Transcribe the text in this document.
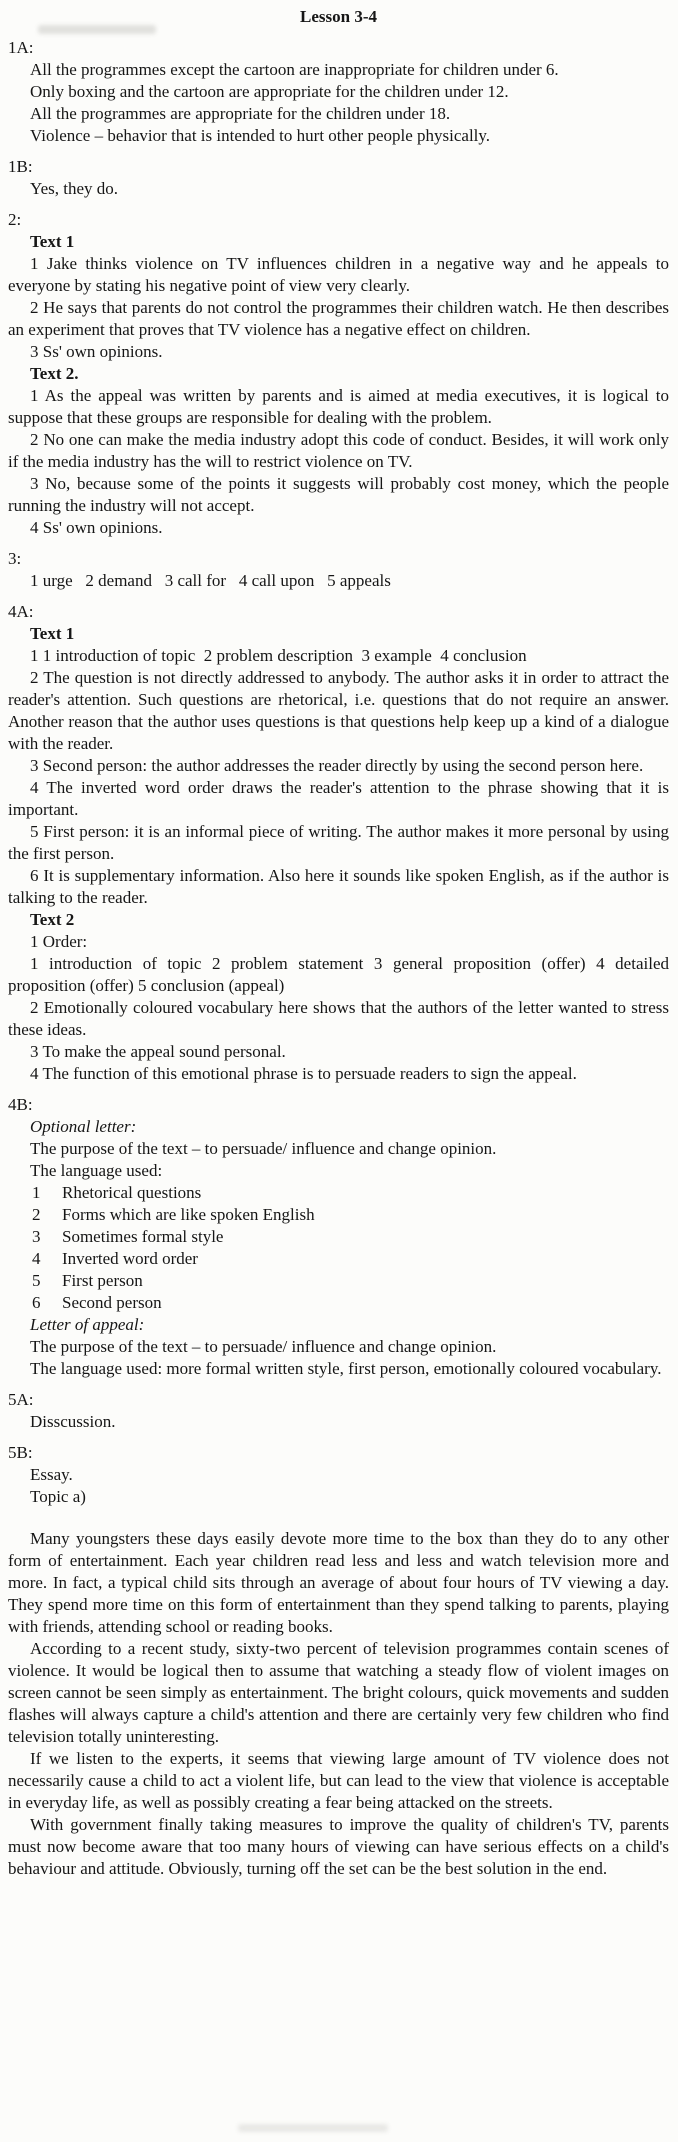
Lesson 3-4
1A:
All the programmes except the cartoon are inappropriate for children under 6.
Only boxing and the cartoon are appropriate for the children under 12.
All the programmes are appropriate for the children under 18.
Violence – behavior that is intended to hurt other people physically.
1B:
Yes, they do.
2:
Text 1
1 Jake thinks violence on TV influences children in a negative way and he appeals to everyone by stating his negative point of view very clearly.
2 He says that parents do not control the programmes their children watch. He then describes an experiment that proves that TV violence has a negative effect on children.
3 Ss' own opinions.
Text 2.
1 As the appeal was written by parents and is aimed at media executives, it is logical to suppose that these groups are responsible for dealing with the problem.
2 No one can make the media industry adopt this code of conduct. Besides, it will work only if the media industry has the will to restrict violence on TV.
3 No, because some of the points it suggests will probably cost money, which the people running the industry will not accept.
4 Ss' own opinions.
3:
1 urge   2 demand   3 call for   4 call upon   5 appeals
4A:
Text 1
1 1 introduction of topic  2 problem description  3 example  4 conclusion
2 The question is not directly addressed to anybody. The author asks it in order to attract the reader's attention. Such questions are rhetorical, i.e. questions that do not require an answer. Another reason that the author uses questions is that questions help keep up a kind of a dialogue with the reader.
3 Second person: the author addresses the reader directly by using the second person here.
4 The inverted word order draws the reader's attention to the phrase showing that it is important.
5 First person: it is an informal piece of writing. The author makes it more personal by using the first person.
6 It is supplementary information. Also here it sounds like spoken English, as if the author is talking to the reader.
Text 2
1 Order:
1 introduction of topic 2 problem statement 3 general proposition (offer) 4 detailed proposition (offer) 5 conclusion (appeal)
2 Emotionally coloured vocabulary here shows that the authors of the letter wanted to stress these ideas.
3 To make the appeal sound personal.
4 The function of this emotional phrase is to persuade readers to sign the appeal.
4B:
Optional letter:
The purpose of the text – to persuade/ influence and change opinion.
The language used:
1	Rhetorical questions
2	Forms which are like spoken English
3	Sometimes formal style
4	Inverted word order
5	First person
6	Second person
Letter of appeal:
The purpose of the text – to persuade/ influence and change opinion.
The language used: more formal written style, first person, emotionally coloured vocabulary.
5A:
Disscussion.
5B:
Essay.
Topic a)
Many youngsters these days easily devote more time to the box than they do to any other form of entertainment. Each year children read less and less and watch television more and more. In fact, a typical child sits through an average of about four hours of TV viewing a day. They spend more time on this form of entertainment than they spend talking to parents, playing with friends, attending school or reading books.
According to a recent study, sixty-two percent of television programmes contain scenes of violence. It would be logical then to assume that watching a steady flow of violent images on screen cannot be seen simply as entertainment. The bright colours, quick movements and sudden flashes will always capture a child's attention and there are certainly very few children who find television totally uninteresting.
If we listen to the experts, it seems that viewing large amount of TV violence does not necessarily cause a child to act a violent life, but can lead to the view that violence is acceptable in everyday life, as well as possibly creating a fear being attacked on the streets.
With government finally taking measures to improve the quality of children's TV, parents must now become aware that too many hours of viewing can have serious effects on a child's behaviour and attitude. Obviously, turning off the set can be the best solution in the end.
